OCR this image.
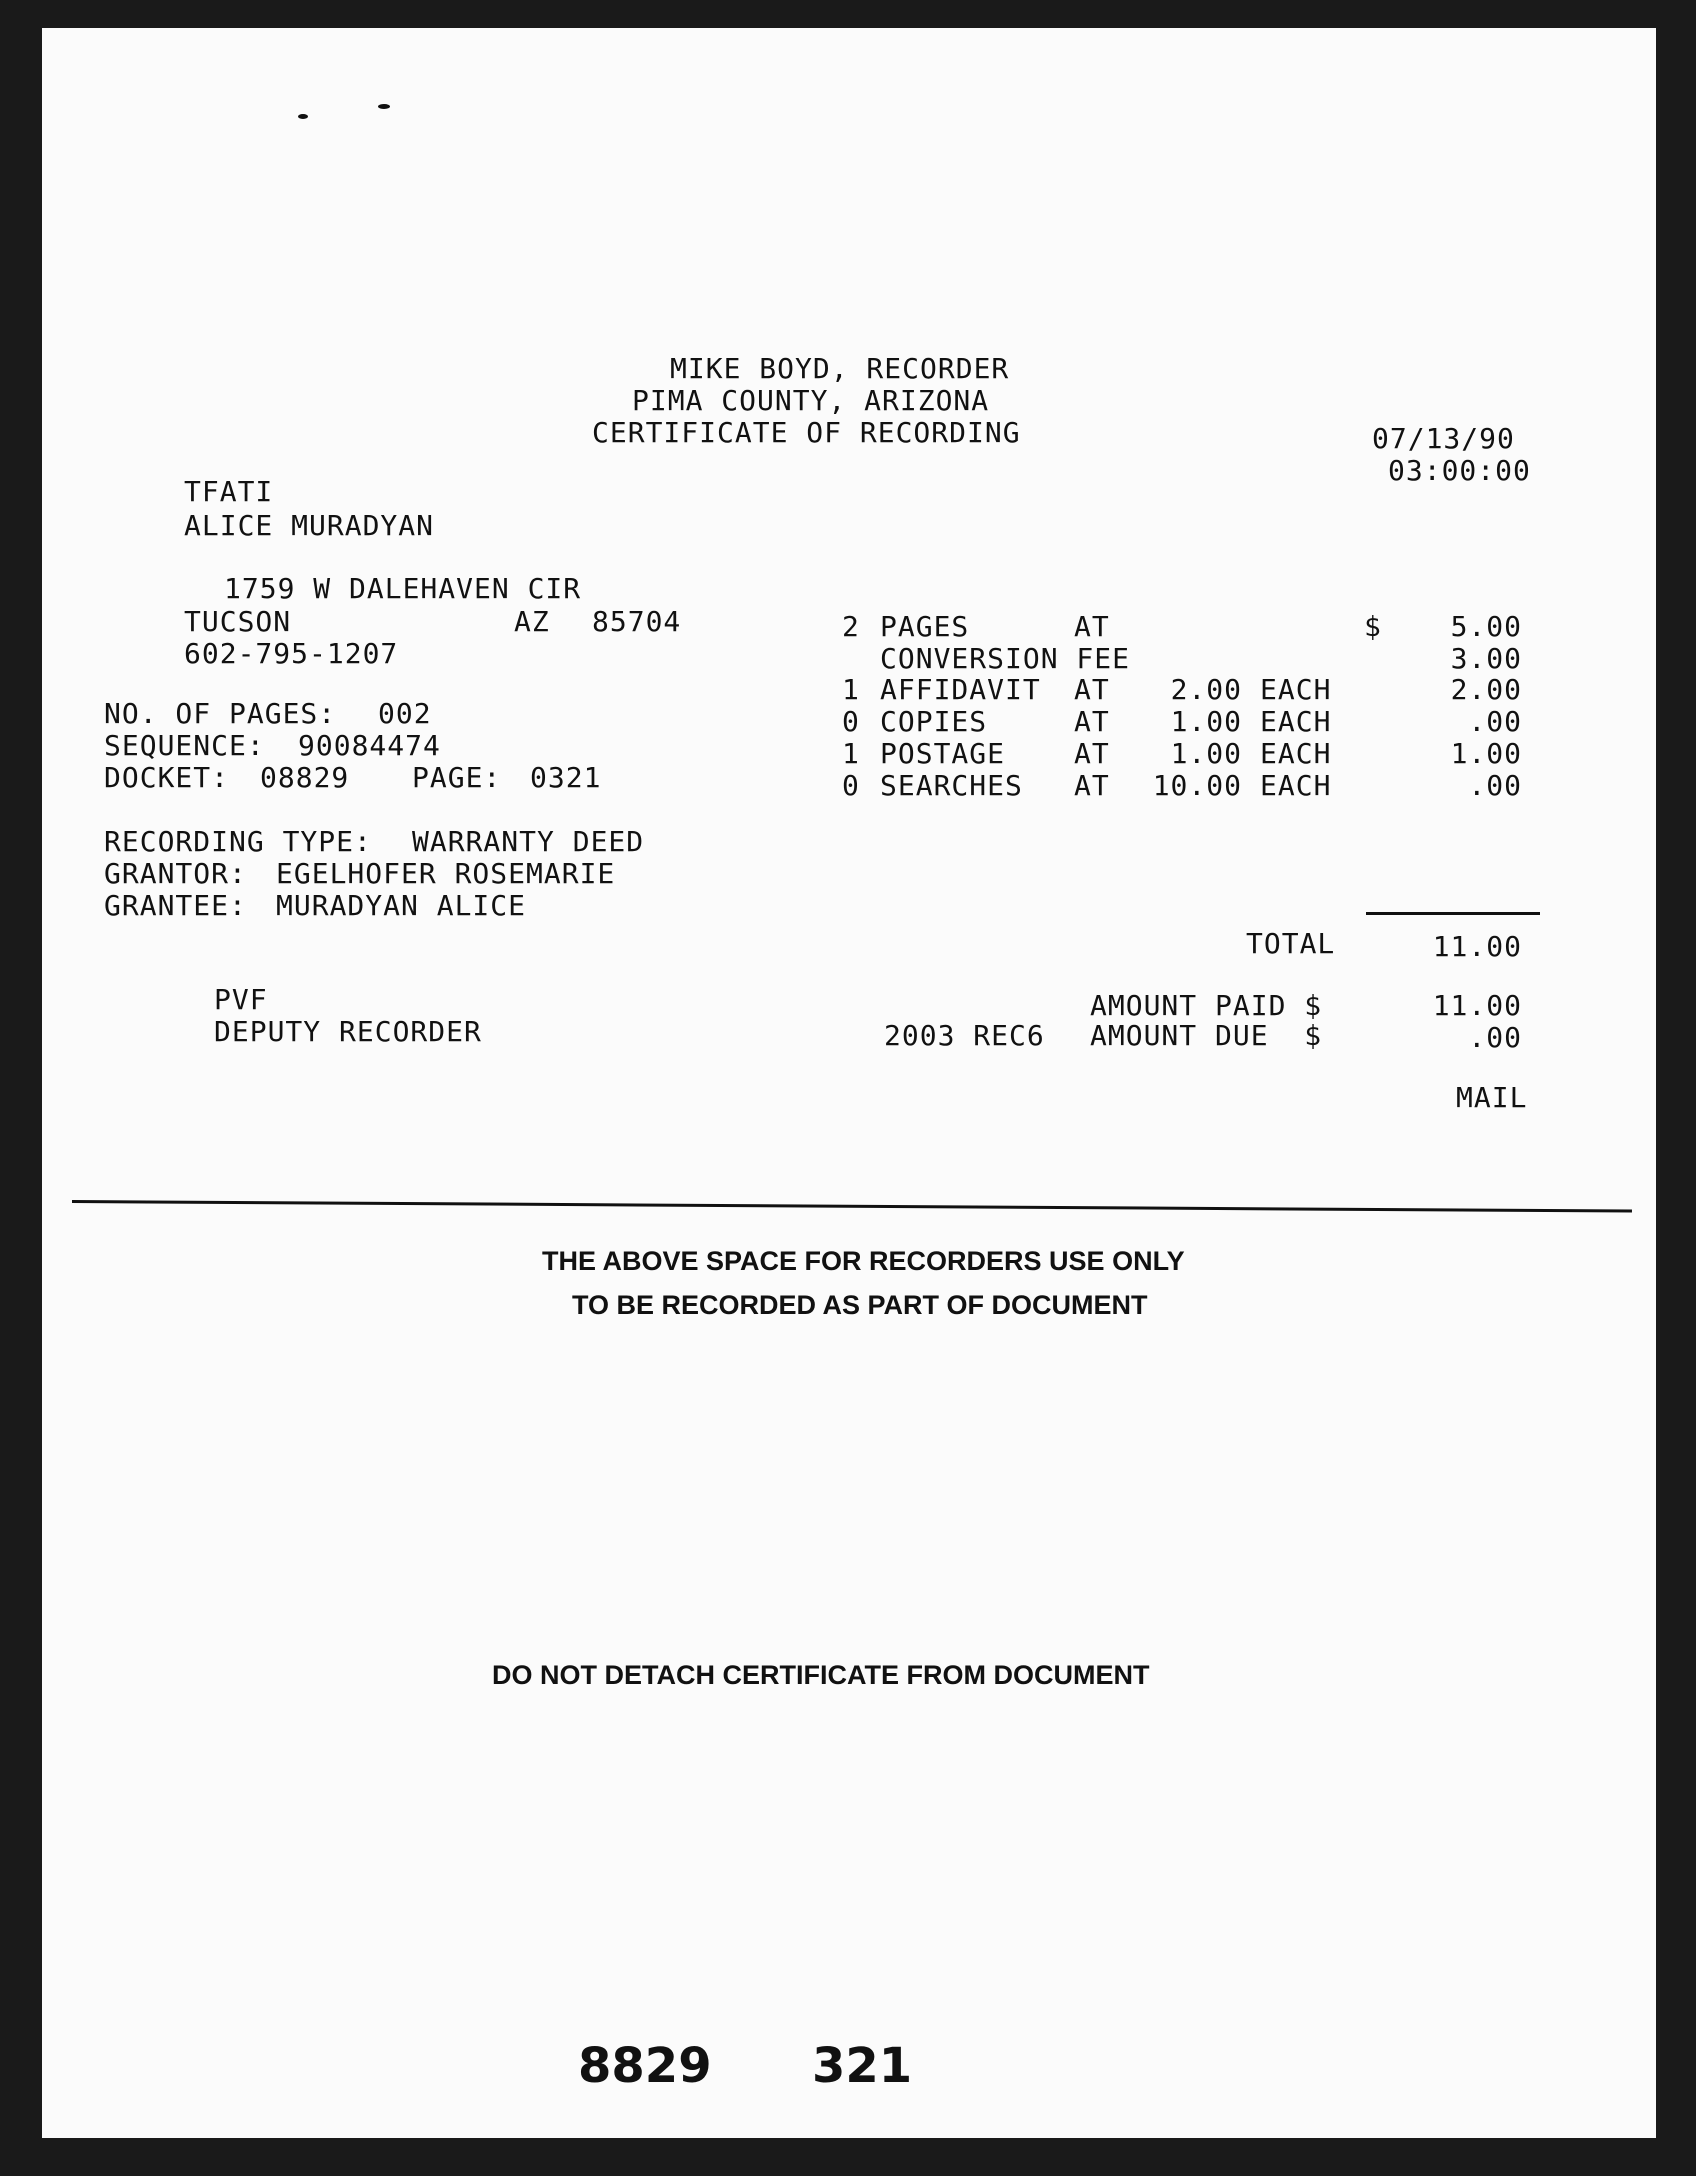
MIKE BOYD, RECORDER
PIMA COUNTY, ARIZONA
CERTIFICATE OF RECORDING	07/13/90
03:00:00
TFATI
ALICE MURADYAN
1759 W DALEHAVEN CIR
TUCSON	AZ 85704
602-795-1207
NO. OF PAGES: 002
SEQUENCE: 90084474
DOCKET: 08829 PAGE: 0321
RECORDING TYPE: WARRANTY DEED
GRANTOR: EGELHOFER ROSEMARIE
GRANTEE: MURADYAN ALICE
$
2 PAGES	AT	5.00
CONVERSION FEE	3.00
1 AFFIDAVIT AT	2.00 EACH	2.00
0 COPIES	AT	1.00 EACH	.00
1 POSTAGE AT	1.00 EACH	1.00
0 SEARCHES AT	10.00 EACH	.00
TOTAL	11.00
AMOUNT PAID $	11.00
2003 REC6 AMOUNT DUE  $	.00
MAIL
PVF
DEPUTY RECORDER
THE ABOVE SPACE FOR RECORDERS USE ONLY
TO BE RECORDED AS PART OF DOCUMENT
DO NOT DETACH CERTIFICATE FROM DOCUMENT
8829 321
